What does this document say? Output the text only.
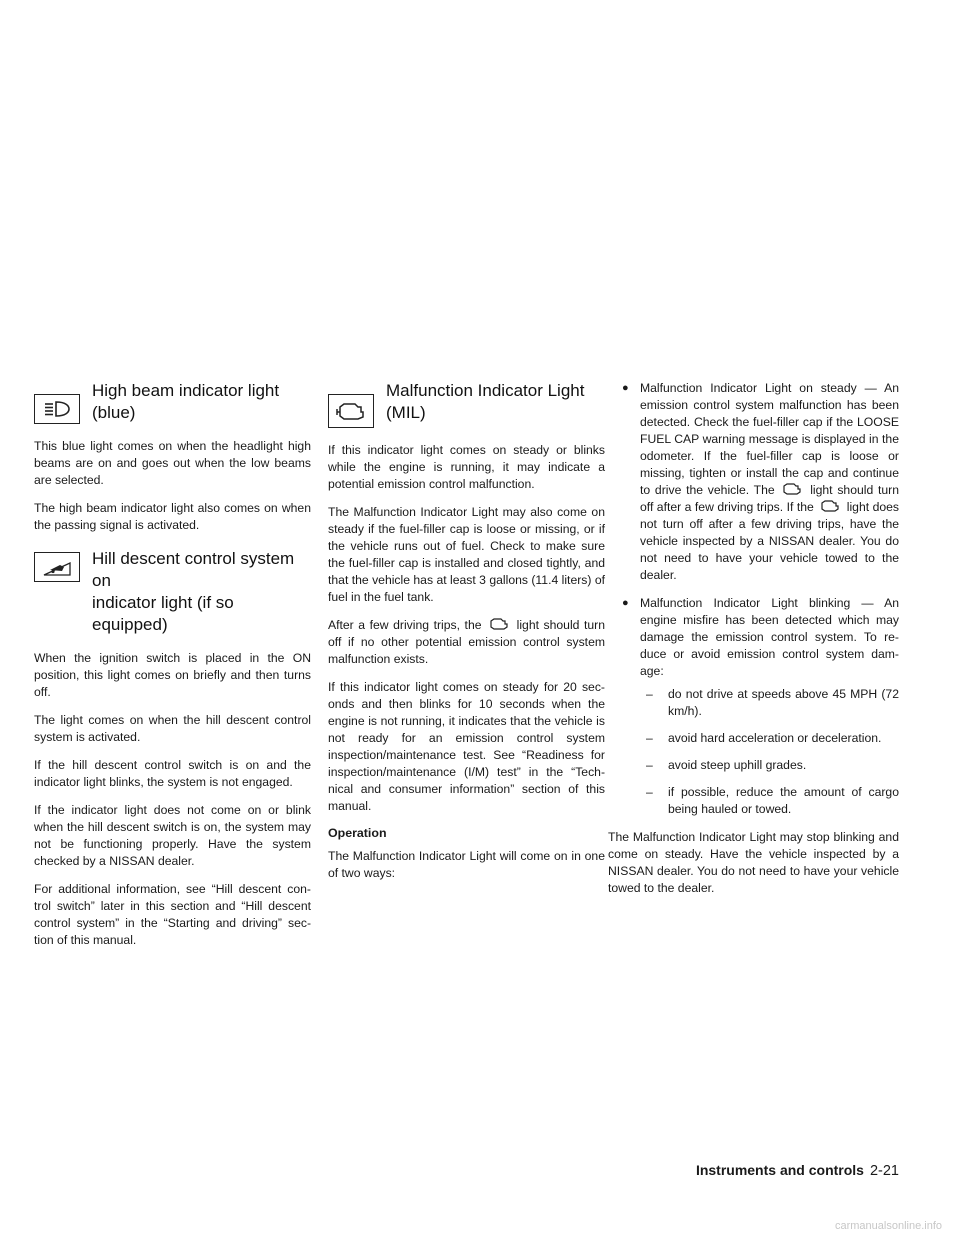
High beam indicator light
(blue)

This blue light comes on when the headlight high beams are on and goes out when the low beams are selected.

The high beam indicator light also comes on when the passing signal is activated.

Hill descent control system on
indicator light (if so equipped)

When the ignition switch is placed in the ON position, this light comes on briefly and then turns off.

The light comes on when the hill descent control system is activated.

If the hill descent control switch is on and the indicator light blinks, the system is not engaged.

If the indicator light does not come on or blink when the hill descent switch is on, the system may not be functioning properly. Have the system checked by a NISSAN dealer.

For additional information, see “Hill descent con- trol switch” later in this section and “Hill descent control system” in the “Starting and driving” sec- tion of this manual.

Malfunction Indicator Light
(MIL)

If this indicator light comes on steady or blinks while the engine is running, it may indicate a potential emission control malfunction.

The Malfunction Indicator Light may also come on steady if the fuel-filler cap is loose or missing, or if the vehicle runs out of fuel. Check to make sure the fuel-filler cap is installed and closed tightly, and that the vehicle has at least 3 gallons (11.4 liters) of fuel in the fuel tank.

After a few driving trips, the	light should turn off if no other potential emission control system malfunction exists.

If this indicator light comes on steady for 20 sec- onds and then blinks for 10 seconds when the engine is not running, it indicates that the vehicle is not ready for an emission control system inspection/maintenance test. See “Readiness for inspection/maintenance (I/M) test” in the “Tech- nical and consumer information” section of this manual.

Operation

The Malfunction Indicator Light will come on in one of two ways:

● Malfunction Indicator Light on steady — An emission control system malfunction has been detected. Check the fuel-filler cap if the LOOSE FUEL CAP warning message is displayed in the odometer. If the fuel-filler cap is loose or missing, tighten or install the cap and continue to drive the vehicle. The	light should turn off after a few driving trips. If the	light does not turn off after a few driving trips, have the vehicle inspected by a NISSAN dealer. You do not need to have your vehicle towed to the dealer.
● Malfunction Indicator Light blinking — An engine misfire has been detected which may damage the emission control system. To re- duce or avoid emission control system dam- age:
– do not drive at speeds above 45 MPH (72 km/h).
– avoid hard acceleration or deceleration.
– avoid steep uphill grades.
– if possible, reduce the amount of cargo being hauled or towed.

The Malfunction Indicator Light may stop blinking and come on steady. Have the vehicle inspected by a NISSAN dealer. You do not need to have your vehicle towed to the dealer.

Instruments and controls 2-21
carmanualsonline.info
